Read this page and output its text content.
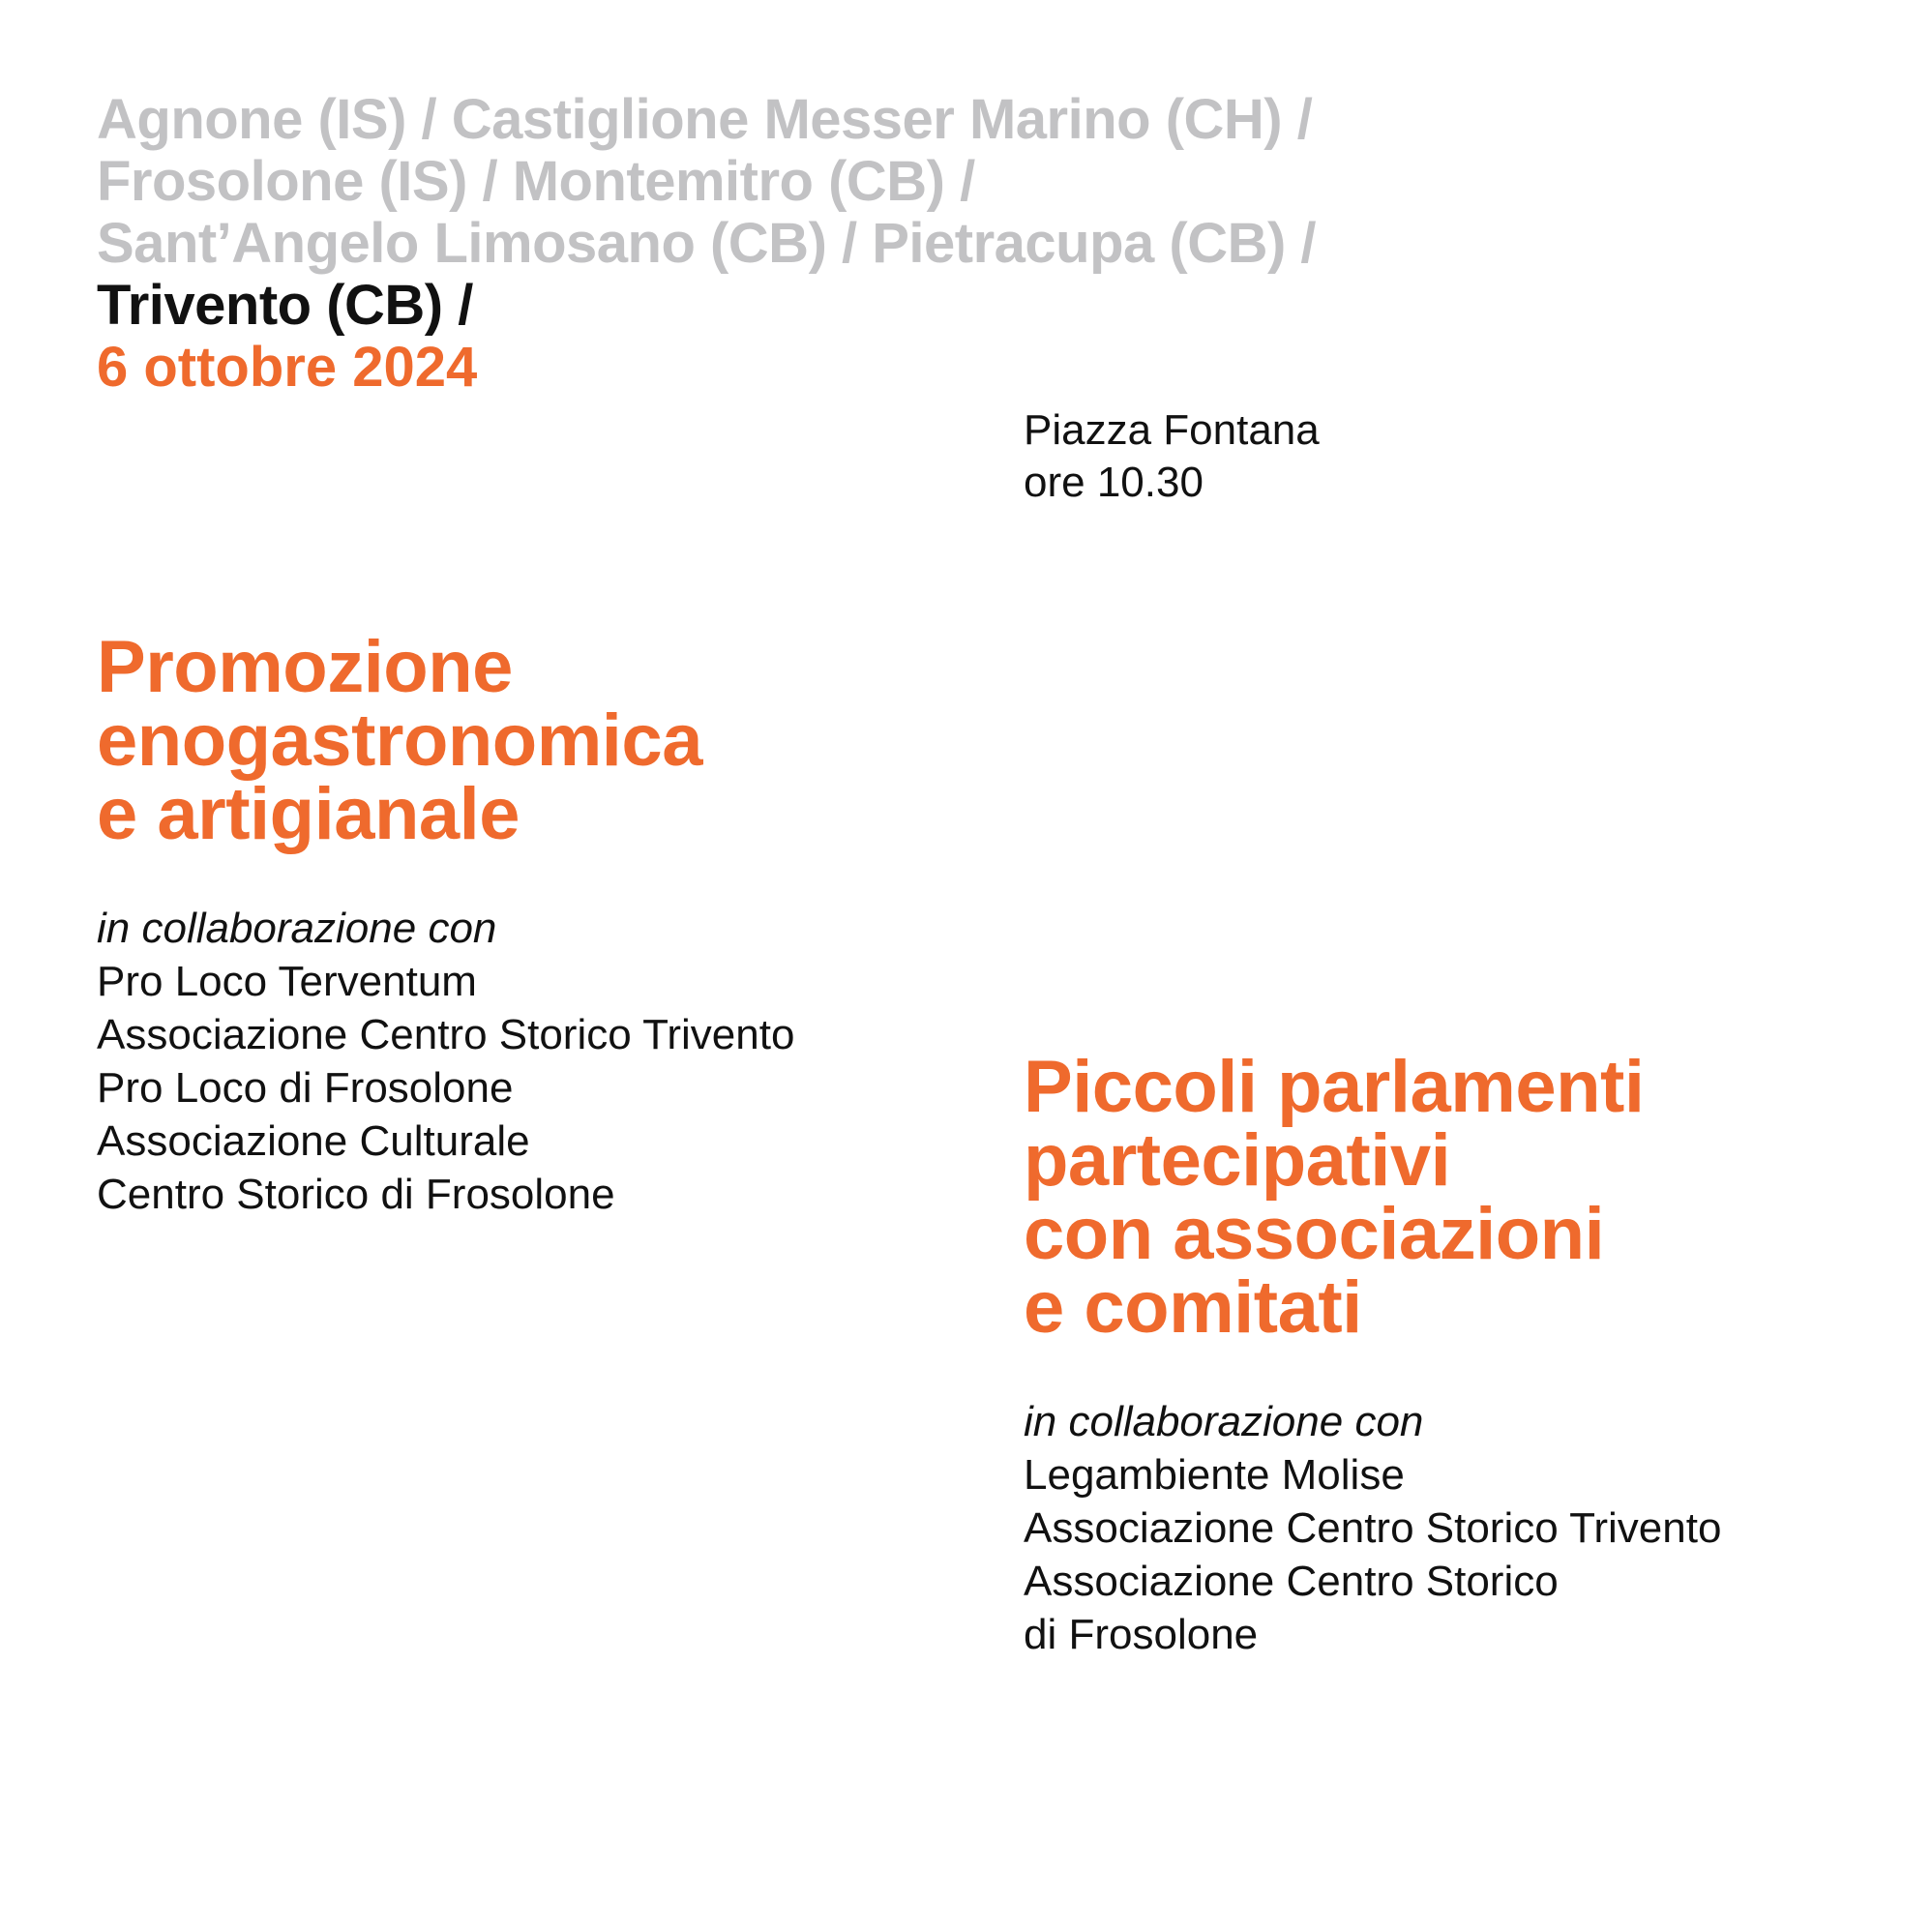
Agnone (IS) / Castiglione Messer Marino (CH) /
Frosolone (IS) / Montemitro (CB) /
Sant’Angelo Limosano (CB) / Pietracupa (CB) /
Trivento (CB) /
6 ottobre 2024
Piazza Fontana
ore 10.30
Promozione
enogastronomica
e artigianale
in collaborazione con
Pro Loco Terventum
Associazione Centro Storico Trivento
Pro Loco di Frosolone
Associazione Culturale
Centro Storico di Frosolone
Piccoli parlamenti
partecipativi
con associazioni
e comitati
in collaborazione con
Legambiente Molise
Associazione Centro Storico Trivento
Associazione Centro Storico
di Frosolone
